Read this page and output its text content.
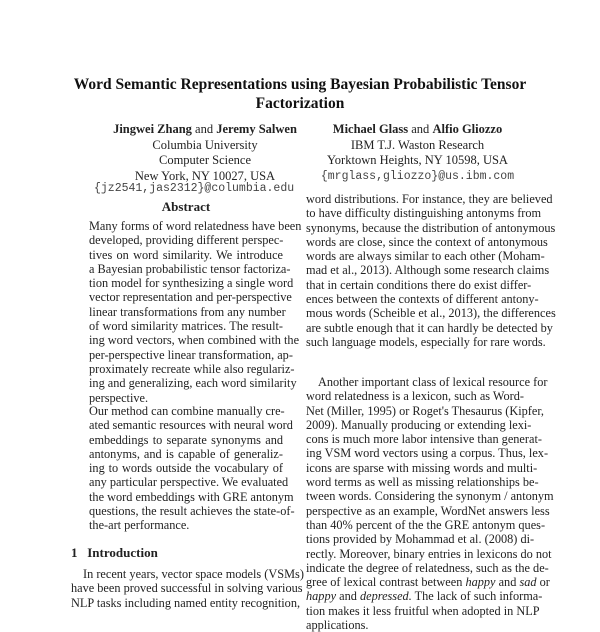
Word Semantic Representations using Bayesian Probabilistic Tensor
Factorization
Jingwei Zhang and Jeremy Salwen
Columbia University
Computer Science
New York, NY 10027, USA
{jz2541,jas2312}@columbia.edu
Michael Glass and Alfio Gliozzo
IBM T.J. Waston Research
Yorktown Heights, NY 10598, USA
{mrglass,gliozzo}@us.ibm.com
Abstract
Many forms of word relatedness have been
developed, providing different perspec-
tives on word similarity. We introduce
a Bayesian probabilistic tensor factoriza-
tion model for synthesizing a single word
vector representation and per-perspective
linear transformations from any number
of word similarity matrices. The result-
ing word vectors, when combined with the
per-perspective linear transformation, ap-
proximately recreate while also regulariz-
ing and generalizing, each word similarity
perspective.
Our method can combine manually cre-
ated semantic resources with neural word
embeddings to separate synonyms and
antonyms, and is capable of generaliz-
ing to words outside the vocabulary of
any particular perspective. We evaluated
the word embeddings with GRE antonym
questions, the result achieves the state-of-
the-art performance.
1 Introduction
In recent years, vector space models (VSMs)
have been proved successful in solving various
NLP tasks including named entity recognition,
word distributions. For instance, they are believed
to have difficulty distinguishing antonyms from
synonyms, because the distribution of antonymous
words are close, since the context of antonymous
words are always similar to each other (Moham-
mad et al., 2013). Although some research claims
that in certain conditions there do exist differ-
ences between the contexts of different antony-
mous words (Scheible et al., 2013), the differences
are subtle enough that it can hardly be detected by
such language models, especially for rare words.
Another important class of lexical resource for
word relatedness is a lexicon, such as Word-
Net (Miller, 1995) or Roget's Thesaurus (Kipfer,
2009). Manually producing or extending lexi-
cons is much more labor intensive than generat-
ing VSM word vectors using a corpus. Thus, lex-
icons are sparse with missing words and multi-
word terms as well as missing relationships be-
tween words. Considering the synonym / antonym
perspective as an example, WordNet answers less
than 40% percent of the the GRE antonym ques-
tions provided by Mohammad et al. (2008) di-
rectly. Moreover, binary entries in lexicons do not
indicate the degree of relatedness, such as the de-
gree of lexical contrast between happy and sad or
happy and depressed. The lack of such informa-
tion makes it less fruitful when adopted in NLP
applications.
